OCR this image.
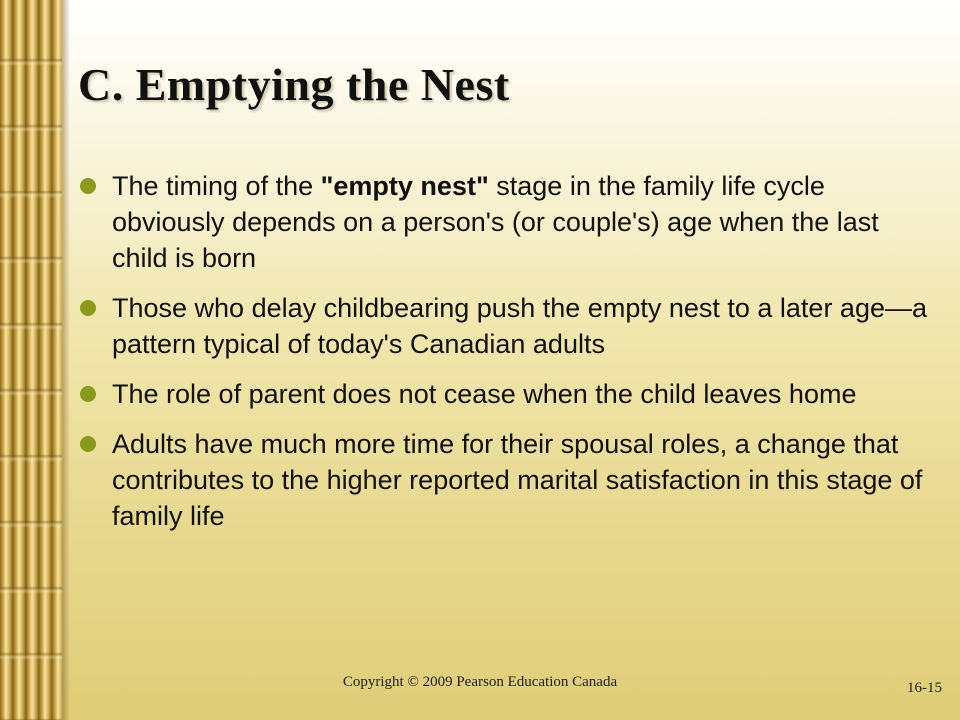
C. Emptying the Nest
The timing of the "empty nest" stage in the family life cycle obviously depends on a person's (or couple's) age when the last child is born
Those who delay childbearing push the empty nest to a later age—a pattern typical of today's Canadian adults
The role of parent does not cease when the child leaves home
Adults have much more time for their spousal roles, a change that contributes to the higher reported marital satisfaction in this stage of family life
Copyright © 2009 Pearson Education Canada	16-15
